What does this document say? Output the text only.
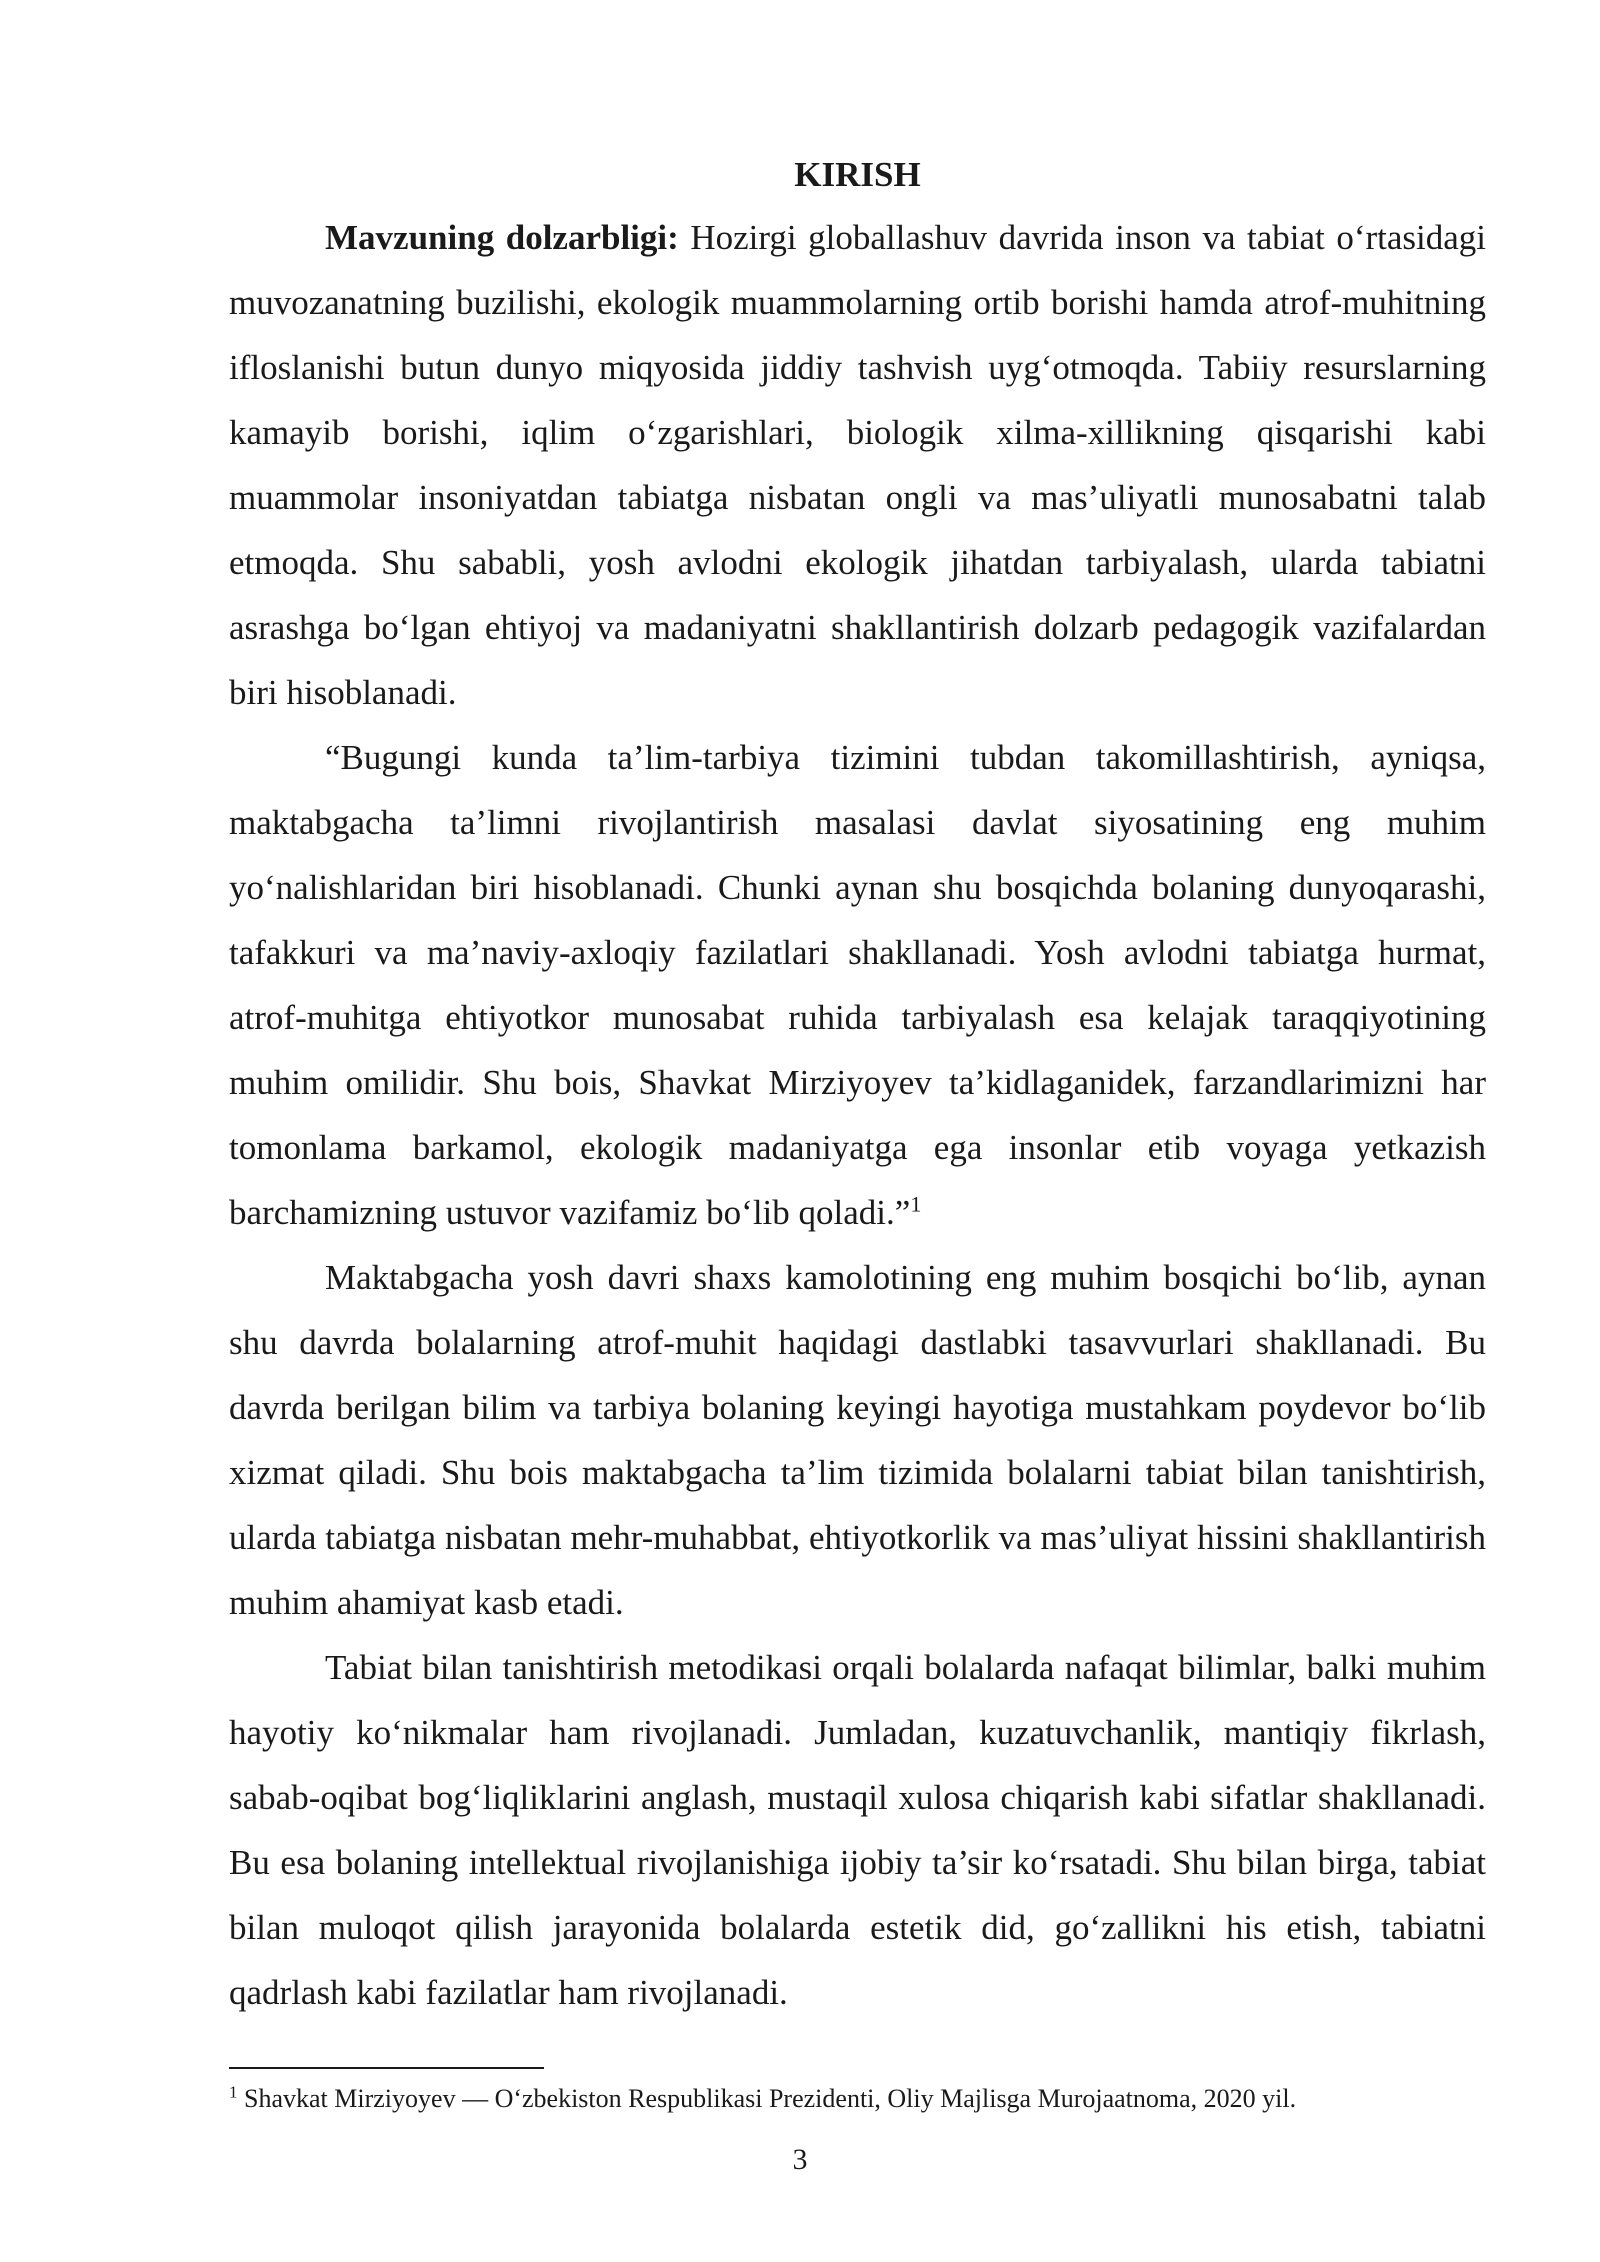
KIRISH

Mavzuning dolzarbligi: Hozirgi globallashuv davrida inson va tabiat o‘rtasidagi muvozanatning buzilishi, ekologik muammolarning ortib borishi hamda atrof-muhitning ifloslanishi butun dunyo miqyosida jiddiy tashvish uyg‘otmoqda. Tabiiy resurslarning kamayib borishi, iqlim o‘zgarishlari, biologik xilma-xillikning qisqarishi kabi muammolar insoniyatdan tabiatga nisbatan ongli va mas’uliyatli munosabatni talab etmoqda. Shu sababli, yosh avlodni ekologik jihatdan tarbiyalash, ularda tabiatni asrashga bo‘lgan ehtiyoj va madaniyatni shakllantirish dolzarb pedagogik vazifalardan biri hisoblanadi.

“Bugungi kunda ta’lim-tarbiya tizimini tubdan takomillashtirish, ayniqsa, maktabgacha ta’limni rivojlantirish masalasi davlat siyosatining eng muhim yo‘nalishlaridan biri hisoblanadi. Chunki aynan shu bosqichda bolaning dunyoqarashi, tafakkuri va ma’naviy-axloqiy fazilatlari shakllanadi. Yosh avlodni tabiatga hurmat, atrof-muhitga ehtiyotkor munosabat ruhida tarbiyalash esa kelajak taraqqiyotining muhim omilidir. Shu bois, Shavkat Mirziyoyev ta’kidlaganidek, farzandlarimizni har tomonlama barkamol, ekologik madaniyatga ega insonlar etib voyaga yetkazish barchamizning ustuvor vazifamiz bo‘lib qoladi.”$^1$

Maktabgacha yosh davri shaxs kamolotining eng muhim bosqichi bo‘lib, aynan shu davrda bolalarning atrof-muhit haqidagi dastlabki tasavvurlari shakllanadi. Bu davrda berilgan bilim va tarbiya bolaning keyingi hayotiga mustahkam poydevor bo‘lib xizmat qiladi. Shu bois maktabgacha ta’lim tizimida bolalarni tabiat bilan tanishtirish, ularda tabiatga nisbatan mehr-muhabbat, ehtiyotkorlik va mas’uliyat hissini shakllantirish muhim ahamiyat kasb etadi.

Tabiat bilan tanishtirish metodikasi orqali bolalarda nafaqat bilimlar, balki muhim hayotiy ko‘nikmalar ham rivojlanadi. Jumladan, kuzatuvchanlik, mantiqiy fikrlash, sabab-oqibat bog‘liqliklarini anglash, mustaqil xulosa chiqarish kabi sifatlar shakllanadi. Bu esa bolaning intellektual rivojlanishiga ijobiy ta’sir ko‘rsatadi. Shu bilan birga, tabiat bilan muloqot qilish jarayonida bolalarda estetik did, go‘zallikni his etish, tabiatni qadrlash kabi fazilatlar ham rivojlanadi.

$^1$ Shavkat Mirziyoyev — O‘zbekiston Respublikasi Prezidenti, Oliy Majlisga Murojaatnoma, 2020 yil.
3
